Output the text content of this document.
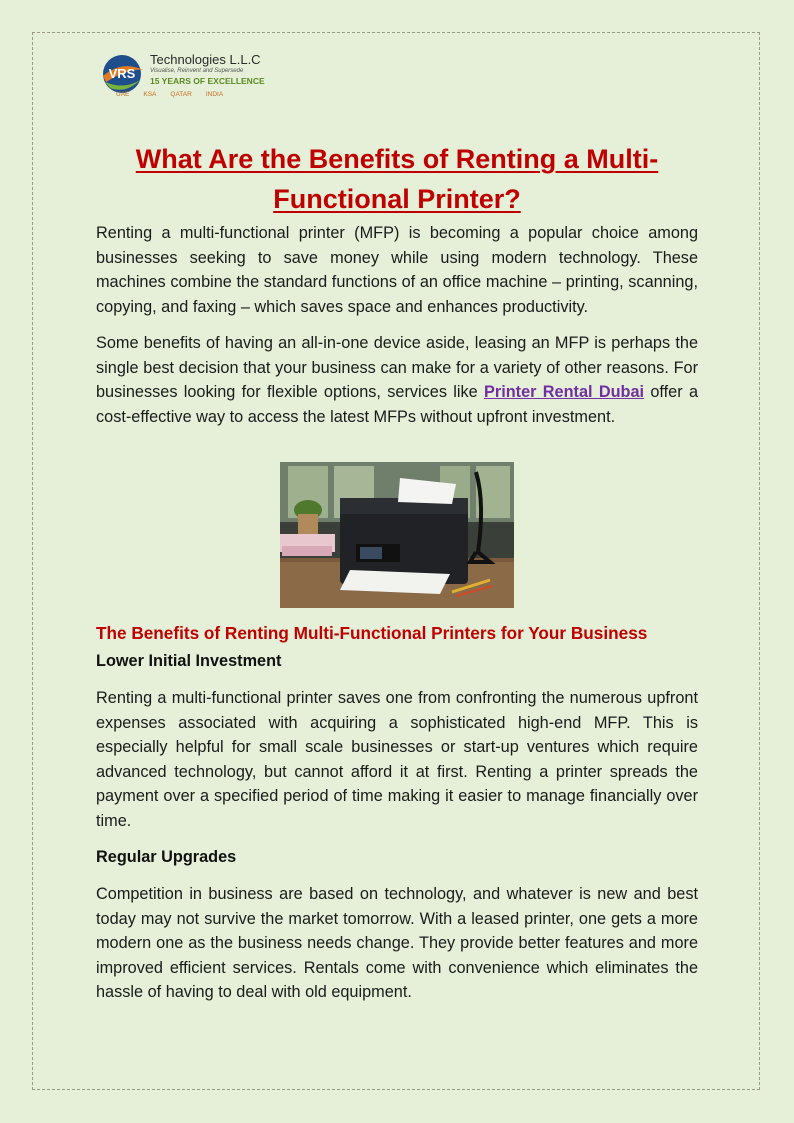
VRS
Technologies L.L.C
Visualise, Reinvent and Supersede
15 YEARS OF EXCELLENCE
UAE KSA QATAR INDIA
What Are the Benefits of Renting a Multi-Functional Printer?

Renting a multi-functional printer (MFP) is becoming a popular choice among businesses seeking to save money while using modern technology. These machines combine the standard functions of an office machine – printing, scanning, copying, and faxing – which saves space and enhances productivity.

Some benefits of having an all-in-one device aside, leasing an MFP is perhaps the single best decision that your business can make for a variety of other reasons. For businesses looking for flexible options, services like Printer Rental Dubai offer a cost-effective way to access the latest MFPs without upfront investment.

The Benefits of Renting Multi-Functional Printers for Your Business
Lower Initial Investment

Renting a multi-functional printer saves one from confronting the numerous upfront expenses associated with acquiring a sophisticated high-end MFP. This is especially helpful for small scale businesses or start-up ventures which require advanced technology, but cannot afford it at first. Renting a printer spreads the payment over a specified period of time making it easier to manage financially over time.

Regular Upgrades

Competition in business are based on technology, and whatever is new and best today may not survive the market tomorrow. With a leased printer, one gets a more modern one as the business needs change. They provide better features and more improved efficient services. Rentals come with convenience which eliminates the hassle of having to deal with old equipment.
